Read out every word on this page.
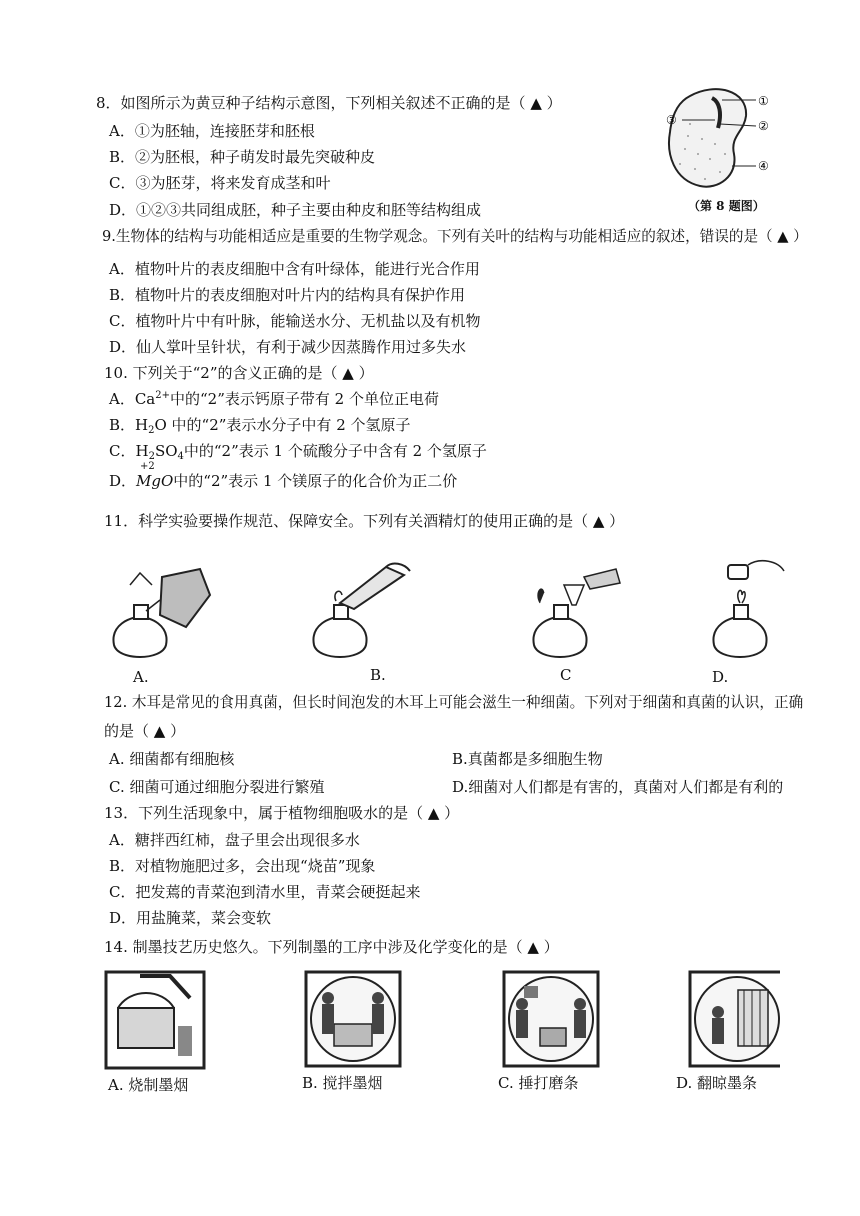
8．如图所示为黄豆种子结构示意图，下列相关叙述不正确的是（ ▲ ）
A．①为胚轴，连接胚芽和胚根
B．②为胚根，种子萌发时最先突破种皮
C．③为胚芽，将来发育成茎和叶
D．①②③共同组成胚，种子主要由种皮和胚等结构组成
①
②
③
④
（第 8 题图）
9.生物体的结构与功能相适应是重要的生物学观念。下列有关叶的结构与功能相适应的叙述，错误的是（ ▲ ）
A．植物叶片的表皮细胞中含有叶绿体，能进行光合作用
B．植物叶片的表皮细胞对叶片内的结构具有保护作用
C．植物叶片中有叶脉，能输送水分、无机盐以及有机物
D．仙人掌叶呈针状，有利于减少因蒸腾作用过多失水
10. 下列关于“2”的含义正确的是（ ▲ ）
A．$Ca^{2+}$中的“2”表示钙原子带有 2 个单位正电荷
B．$H_2O$ 中的“2”表示水分子中有 2 个氢原子
C．$H_2SO_4$中的“2”表示 1 个硫酸分子中含有 2 个氢原子
D．
+2
MgO中的“2”表示 1 个镁原子的化合价为正二价
11．科学实验要操作规范、保障安全。下列有关酒精灯的使用正确的是（ ▲ ）
A.	B.	C	D.
12. 木耳是常见的食用真菌，但长时间泡发的木耳上可能会滋生一种细菌。下列对于细菌和真菌的认识，正确
的是（ ▲ ）
A. 细菌都有细胞核	B.真菌都是多细胞生物
C. 细菌可通过细胞分裂进行繁殖	D.细菌对人们都是有害的，真菌对人们都是有利的
13．下列生活现象中，属于植物细胞吸水的是（ ▲ ）
A．糖拌西红柿，盘子里会出现很多水
B．对植物施肥过多，会出现“烧苗”现象
C．把发蔫的青菜泡到清水里，青菜会硬挺起来
D．用盐腌菜，菜会变软
14. 制墨技艺历史悠久。下列制墨的工序中涉及化学变化的是（ ▲ ）
A. 烧制墨烟	B. 搅拌墨烟	C. 捶打磨条	D. 翻晾墨条
